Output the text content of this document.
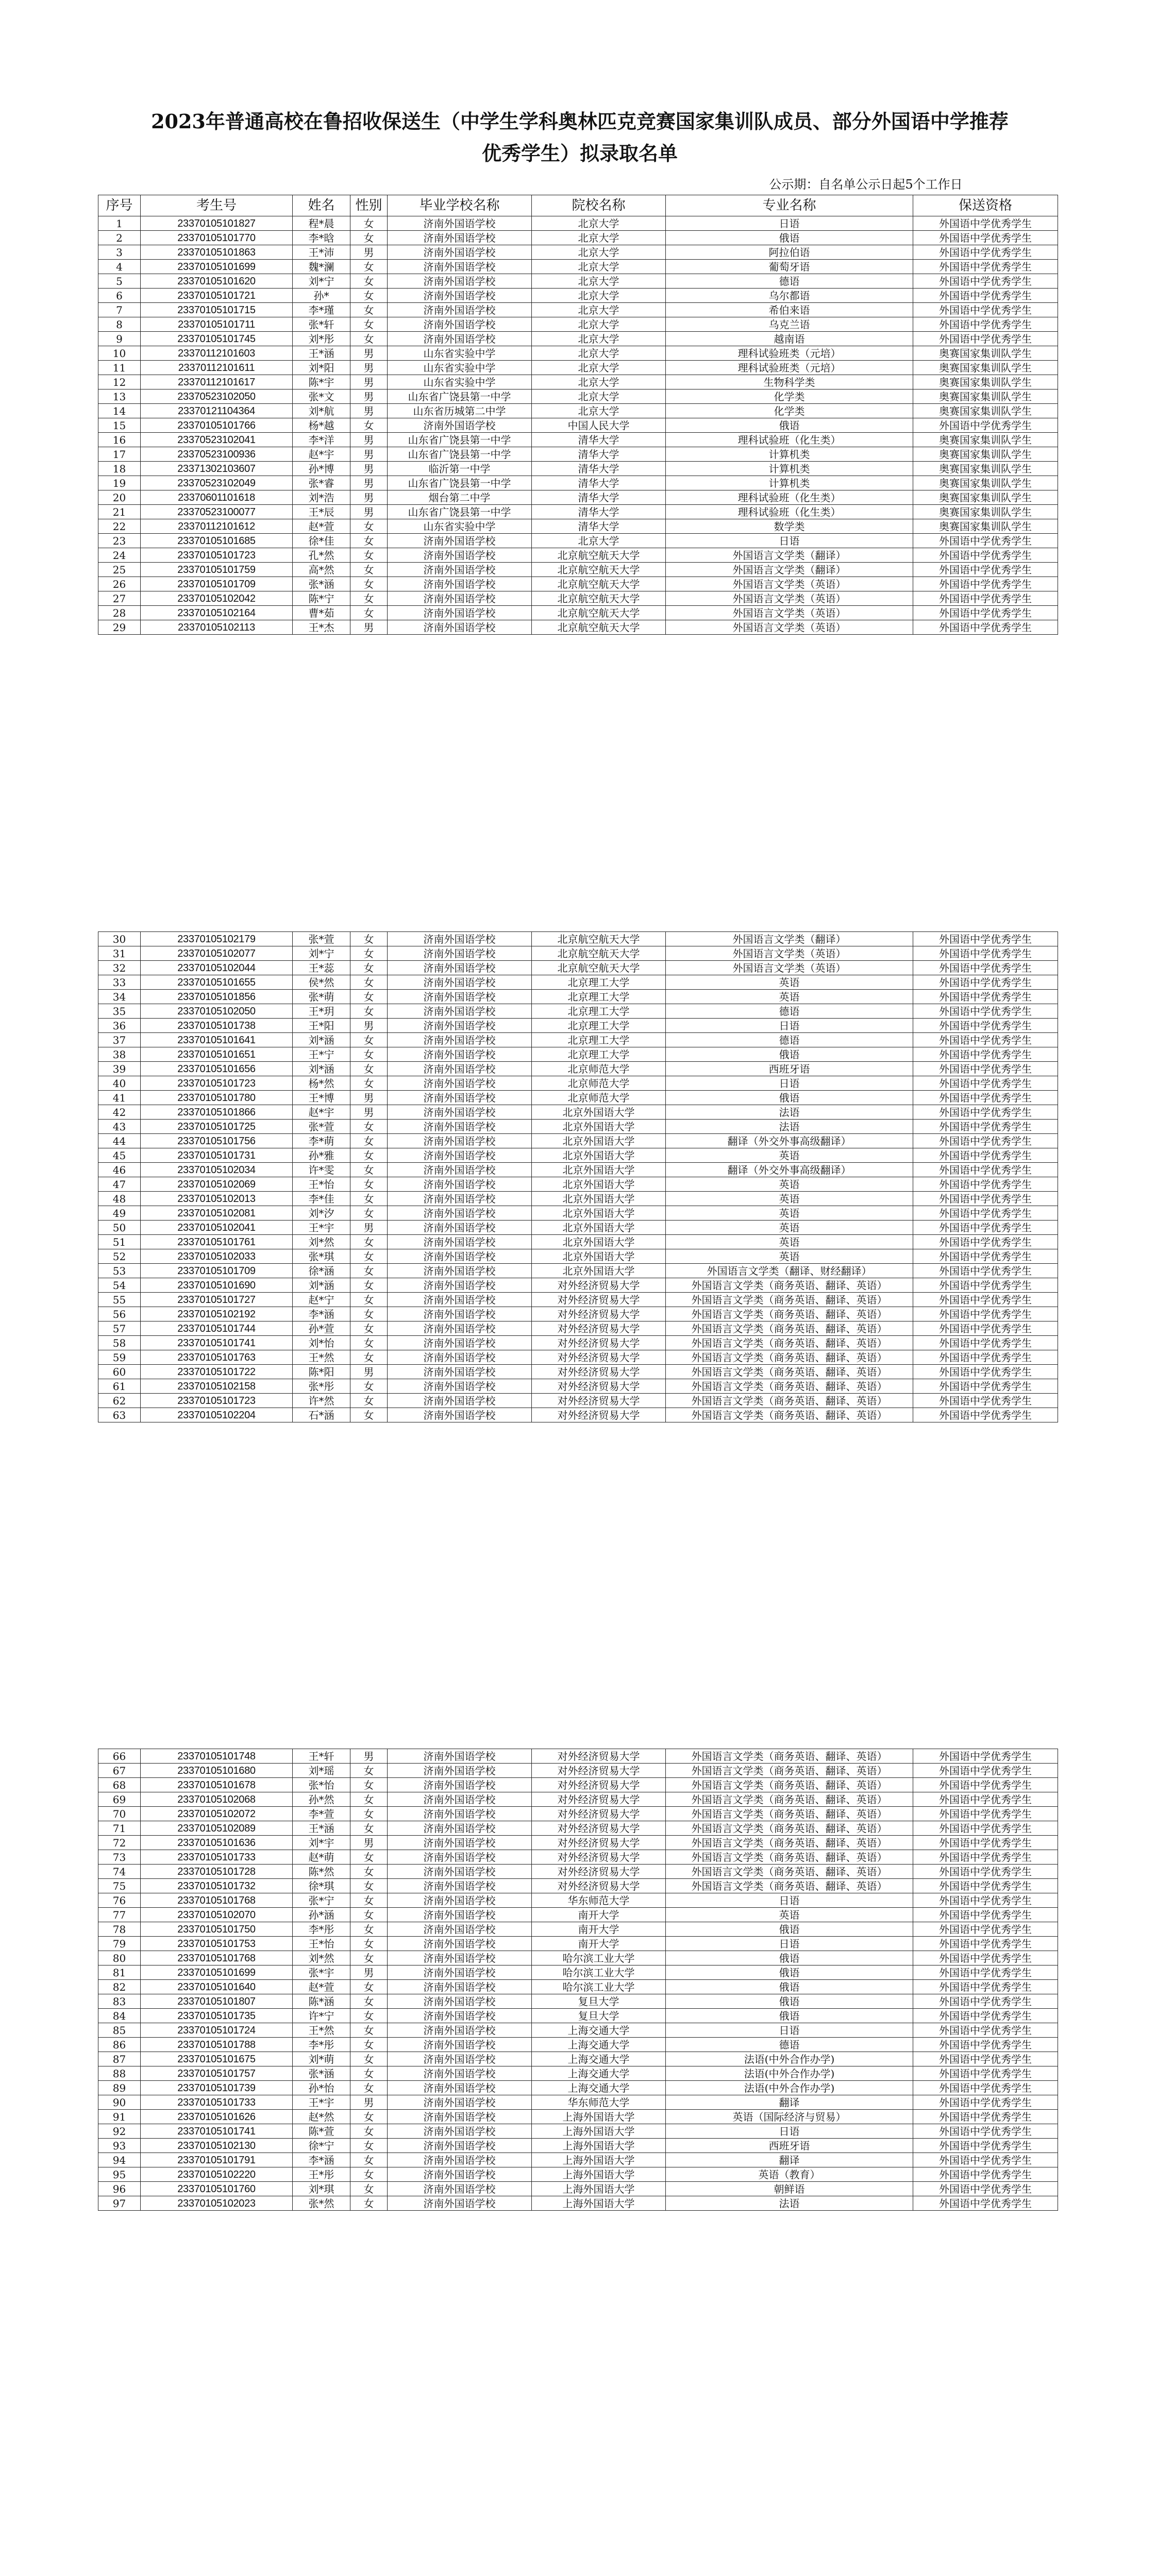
2023年普通高校在鲁招收保送生（中学生学科奥林匹克竞赛国家集训队成员、部分外国语中学推荐
优秀学生）拟录取名单
公示期：自名单公示日起5个工作日
序号	考生号	姓名	性别	毕业学校名称	院校名称	专业名称	保送资格
1	23370105101827	程*晨	女	济南外国语学校	北京大学	日语	外国语中学优秀学生
2	23370105101770	李*晗	女	济南外国语学校	北京大学	俄语	外国语中学优秀学生
3	23370105101863	王*沛	男	济南外国语学校	北京大学	阿拉伯语	外国语中学优秀学生
4	23370105101699	魏*澜	女	济南外国语学校	北京大学	葡萄牙语	外国语中学优秀学生
5	23370105101620	刘*宁	女	济南外国语学校	北京大学	德语	外国语中学优秀学生
6	23370105101721	孙*	女	济南外国语学校	北京大学	乌尔都语	外国语中学优秀学生
7	23370105101715	李*瑾	女	济南外国语学校	北京大学	希伯来语	外国语中学优秀学生
8	23370105101711	张*轩	女	济南外国语学校	北京大学	乌克兰语	外国语中学优秀学生
9	23370105101745	刘*彤	女	济南外国语学校	北京大学	越南语	外国语中学优秀学生
10	23370112101603	王*涵	男	山东省实验中学	北京大学	理科试验班类（元培）	奥赛国家集训队学生
11	23370112101611	刘*阳	男	山东省实验中学	北京大学	理科试验班类（元培）	奥赛国家集训队学生
12	23370112101617	陈*宇	男	山东省实验中学	北京大学	生物科学类	奥赛国家集训队学生
13	23370523102050	张*文	男	山东省广饶县第一中学	北京大学	化学类	奥赛国家集训队学生
14	23370121104364	刘*航	男	山东省历城第二中学	北京大学	化学类	奥赛国家集训队学生
15	23370105101766	杨*越	女	济南外国语学校	中国人民大学	俄语	外国语中学优秀学生
16	23370523102041	李*洋	男	山东省广饶县第一中学	清华大学	理科试验班（化生类）	奥赛国家集训队学生
17	23370523100936	赵*宇	男	山东省广饶县第一中学	清华大学	计算机类	奥赛国家集训队学生
18	23371302103607	孙*博	男	临沂第一中学	清华大学	计算机类	奥赛国家集训队学生
19	23370523102049	张*睿	男	山东省广饶县第一中学	清华大学	计算机类	奥赛国家集训队学生
20	23370601101618	刘*浩	男	烟台第二中学	清华大学	理科试验班（化生类）	奥赛国家集训队学生
21	23370523100077	王*辰	男	山东省广饶县第一中学	清华大学	理科试验班（化生类）	奥赛国家集训队学生
22	23370112101612	赵*萱	女	山东省实验中学	清华大学	数学类	奥赛国家集训队学生
23	23370105101685	徐*佳	女	济南外国语学校	北京大学	日语	外国语中学优秀学生
24	23370105101723	孔*然	女	济南外国语学校	北京航空航天大学	外国语言文学类（翻译）	外国语中学优秀学生
25	23370105101759	高*然	女	济南外国语学校	北京航空航天大学	外国语言文学类（翻译）	外国语中学优秀学生
26	23370105101709	张*涵	女	济南外国语学校	北京航空航天大学	外国语言文学类（英语）	外国语中学优秀学生
27	23370105102042	陈*宁	女	济南外国语学校	北京航空航天大学	外国语言文学类（英语）	外国语中学优秀学生
28	23370105102164	曹*茹	女	济南外国语学校	北京航空航天大学	外国语言文学类（英语）	外国语中学优秀学生
29	23370105102113	王*杰	男	济南外国语学校	北京航空航天大学	外国语言文学类（英语）	外国语中学优秀学生
30	23370105102179	张*萱	女	济南外国语学校	北京航空航天大学	外国语言文学类（翻译）	外国语中学优秀学生
31	23370105102077	刘*宁	女	济南外国语学校	北京航空航天大学	外国语言文学类（英语）	外国语中学优秀学生
32	23370105102044	王*蕊	女	济南外国语学校	北京航空航天大学	外国语言文学类（英语）	外国语中学优秀学生
33	23370105101655	侯*然	女	济南外国语学校	北京理工大学	英语	外国语中学优秀学生
34	23370105101856	张*萌	女	济南外国语学校	北京理工大学	英语	外国语中学优秀学生
35	23370105102050	王*玥	女	济南外国语学校	北京理工大学	德语	外国语中学优秀学生
36	23370105101738	王*阳	男	济南外国语学校	北京理工大学	日语	外国语中学优秀学生
37	23370105101641	刘*涵	女	济南外国语学校	北京理工大学	德语	外国语中学优秀学生
38	23370105101651	王*宁	女	济南外国语学校	北京理工大学	俄语	外国语中学优秀学生
39	23370105101656	刘*涵	女	济南外国语学校	北京师范大学	西班牙语	外国语中学优秀学生
40	23370105101723	杨*然	女	济南外国语学校	北京师范大学	日语	外国语中学优秀学生
41	23370105101780	王*博	男	济南外国语学校	北京师范大学	俄语	外国语中学优秀学生
42	23370105101866	赵*宇	男	济南外国语学校	北京外国语大学	法语	外国语中学优秀学生
43	23370105101725	张*萱	女	济南外国语学校	北京外国语大学	法语	外国语中学优秀学生
44	23370105101756	李*萌	女	济南外国语学校	北京外国语大学	翻译（外交外事高级翻译）	外国语中学优秀学生
45	23370105101731	孙*雅	女	济南外国语学校	北京外国语大学	英语	外国语中学优秀学生
46	23370105102034	许*雯	女	济南外国语学校	北京外国语大学	翻译（外交外事高级翻译）	外国语中学优秀学生
47	23370105102069	王*怡	女	济南外国语学校	北京外国语大学	英语	外国语中学优秀学生
48	23370105102013	李*佳	女	济南外国语学校	北京外国语大学	英语	外国语中学优秀学生
49	23370105102081	刘*汐	女	济南外国语学校	北京外国语大学	英语	外国语中学优秀学生
50	23370105102041	王*宇	男	济南外国语学校	北京外国语大学	英语	外国语中学优秀学生
51	23370105101761	刘*然	女	济南外国语学校	北京外国语大学	英语	外国语中学优秀学生
52	23370105102033	张*琪	女	济南外国语学校	北京外国语大学	英语	外国语中学优秀学生
53	23370105101709	徐*涵	女	济南外国语学校	北京外国语大学	外国语言文学类（翻译、财经翻译）	外国语中学优秀学生
54	23370105101690	刘*涵	女	济南外国语学校	对外经济贸易大学	外国语言文学类（商务英语、翻译、英语）	外国语中学优秀学生
55	23370105101727	赵*宁	女	济南外国语学校	对外经济贸易大学	外国语言文学类（商务英语、翻译、英语）	外国语中学优秀学生
56	23370105102192	李*涵	女	济南外国语学校	对外经济贸易大学	外国语言文学类（商务英语、翻译、英语）	外国语中学优秀学生
57	23370105101744	孙*萱	女	济南外国语学校	对外经济贸易大学	外国语言文学类（商务英语、翻译、英语）	外国语中学优秀学生
58	23370105101741	刘*怡	女	济南外国语学校	对外经济贸易大学	外国语言文学类（商务英语、翻译、英语）	外国语中学优秀学生
59	23370105101763	王*然	女	济南外国语学校	对外经济贸易大学	外国语言文学类（商务英语、翻译、英语）	外国语中学优秀学生
60	23370105101722	陈*阳	男	济南外国语学校	对外经济贸易大学	外国语言文学类（商务英语、翻译、英语）	外国语中学优秀学生
61	23370105102158	张*彤	女	济南外国语学校	对外经济贸易大学	外国语言文学类（商务英语、翻译、英语）	外国语中学优秀学生
62	23370105101723	许*然	女	济南外国语学校	对外经济贸易大学	外国语言文学类（商务英语、翻译、英语）	外国语中学优秀学生
63	23370105102204	石*涵	女	济南外国语学校	对外经济贸易大学	外国语言文学类（商务英语、翻译、英语）	外国语中学优秀学生
66	23370105101748	王*轩	男	济南外国语学校	对外经济贸易大学	外国语言文学类（商务英语、翻译、英语）	外国语中学优秀学生
67	23370105101680	刘*瑶	女	济南外国语学校	对外经济贸易大学	外国语言文学类（商务英语、翻译、英语）	外国语中学优秀学生
68	23370105101678	张*怡	女	济南外国语学校	对外经济贸易大学	外国语言文学类（商务英语、翻译、英语）	外国语中学优秀学生
69	23370105102068	孙*然	女	济南外国语学校	对外经济贸易大学	外国语言文学类（商务英语、翻译、英语）	外国语中学优秀学生
70	23370105102072	李*萱	女	济南外国语学校	对外经济贸易大学	外国语言文学类（商务英语、翻译、英语）	外国语中学优秀学生
71	23370105102089	王*涵	女	济南外国语学校	对外经济贸易大学	外国语言文学类（商务英语、翻译、英语）	外国语中学优秀学生
72	23370105101636	刘*宇	男	济南外国语学校	对外经济贸易大学	外国语言文学类（商务英语、翻译、英语）	外国语中学优秀学生
73	23370105101733	赵*萌	女	济南外国语学校	对外经济贸易大学	外国语言文学类（商务英语、翻译、英语）	外国语中学优秀学生
74	23370105101728	陈*然	女	济南外国语学校	对外经济贸易大学	外国语言文学类（商务英语、翻译、英语）	外国语中学优秀学生
75	23370105101732	徐*琪	女	济南外国语学校	对外经济贸易大学	外国语言文学类（商务英语、翻译、英语）	外国语中学优秀学生
76	23370105101768	张*宁	女	济南外国语学校	华东师范大学	日语	外国语中学优秀学生
77	23370105102070	孙*涵	女	济南外国语学校	南开大学	英语	外国语中学优秀学生
78	23370105101750	李*彤	女	济南外国语学校	南开大学	俄语	外国语中学优秀学生
79	23370105101753	王*怡	女	济南外国语学校	南开大学	日语	外国语中学优秀学生
80	23370105101768	刘*然	女	济南外国语学校	哈尔滨工业大学	俄语	外国语中学优秀学生
81	23370105101699	张*宇	男	济南外国语学校	哈尔滨工业大学	俄语	外国语中学优秀学生
82	23370105101640	赵*萱	女	济南外国语学校	哈尔滨工业大学	俄语	外国语中学优秀学生
83	23370105101807	陈*涵	女	济南外国语学校	复旦大学	俄语	外国语中学优秀学生
84	23370105101735	许*宁	女	济南外国语学校	复旦大学	俄语	外国语中学优秀学生
85	23370105101724	王*然	女	济南外国语学校	上海交通大学	日语	外国语中学优秀学生
86	23370105101788	李*彤	女	济南外国语学校	上海交通大学	德语	外国语中学优秀学生
87	23370105101675	刘*萌	女	济南外国语学校	上海交通大学	法语(中外合作办学)	外国语中学优秀学生
88	23370105101757	张*涵	女	济南外国语学校	上海交通大学	法语(中外合作办学)	外国语中学优秀学生
89	23370105101739	孙*怡	女	济南外国语学校	上海交通大学	法语(中外合作办学)	外国语中学优秀学生
90	23370105101733	王*宇	男	济南外国语学校	华东师范大学	翻译	外国语中学优秀学生
91	23370105101626	赵*然	女	济南外国语学校	上海外国语大学	英语（国际经济与贸易）	外国语中学优秀学生
92	23370105101741	陈*萱	女	济南外国语学校	上海外国语大学	日语	外国语中学优秀学生
93	23370105102130	徐*宁	女	济南外国语学校	上海外国语大学	西班牙语	外国语中学优秀学生
94	23370105101791	李*涵	女	济南外国语学校	上海外国语大学	翻译	外国语中学优秀学生
95	23370105102220	王*彤	女	济南外国语学校	上海外国语大学	英语（教育）	外国语中学优秀学生
96	23370105101760	刘*琪	女	济南外国语学校	上海外国语大学	朝鲜语	外国语中学优秀学生
97	23370105102023	张*然	女	济南外国语学校	上海外国语大学	法语	外国语中学优秀学生
